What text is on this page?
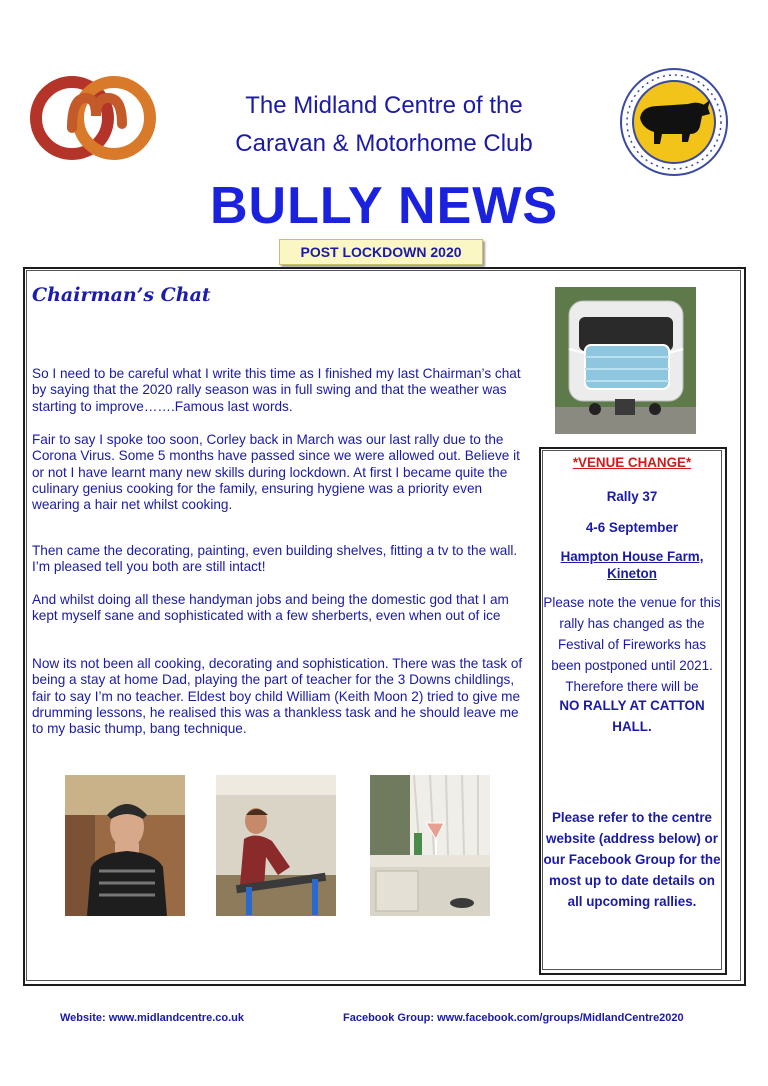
The Midland Centre of the
Caravan & Motorhome Club
BULLY NEWS
POST LOCKDOWN 2020
Chairman’s Chat
So I need to be careful what I write this time as I finished my last Chairman’s chat by saying that the 2020 rally season was in full swing and that the weather was starting to improve…….Famous last words.
Fair to say I spoke too soon, Corley back in March was our last rally due to the Corona Virus. Some 5 months have passed since we were allowed out. Believe it or not I have learnt many new skills during lockdown. At first I became quite the culinary genius cooking for the family, ensuring hygiene was a priority even wearing a hair net whilst cooking.
Then came the decorating, painting, even building shelves, fitting a tv to the wall. I’m pleased tell you both are still intact!
And whilst doing all these handyman jobs and being the domestic god that I am kept myself sane and sophisticated with a few sherberts, even when out of ice
Now its not been all cooking, decorating and sophistication. There was the task of being a stay at home Dad, playing the part of teacher for the 3 Downs childlings, fair to say I’m no teacher. Eldest boy child William (Keith Moon 2) tried to give me drumming lessons, he realised this was a thankless task and he should leave me to my basic thump, bang technique.
*VENUE CHANGE*
Rally 37
4-6 September
Hampton House Farm, Kineton
Please note the venue for this rally has changed as the Festival of Fireworks has been postponed until 2021. Therefore there will be
NO RALLY AT CATTON HALL.
Please refer to the centre website (address below) or our Facebook Group for the most up to date details on all upcoming rallies.
Website: www.midlandcentre.co.uk	Facebook Group: www.facebook.com/groups/MidlandCentre2020
